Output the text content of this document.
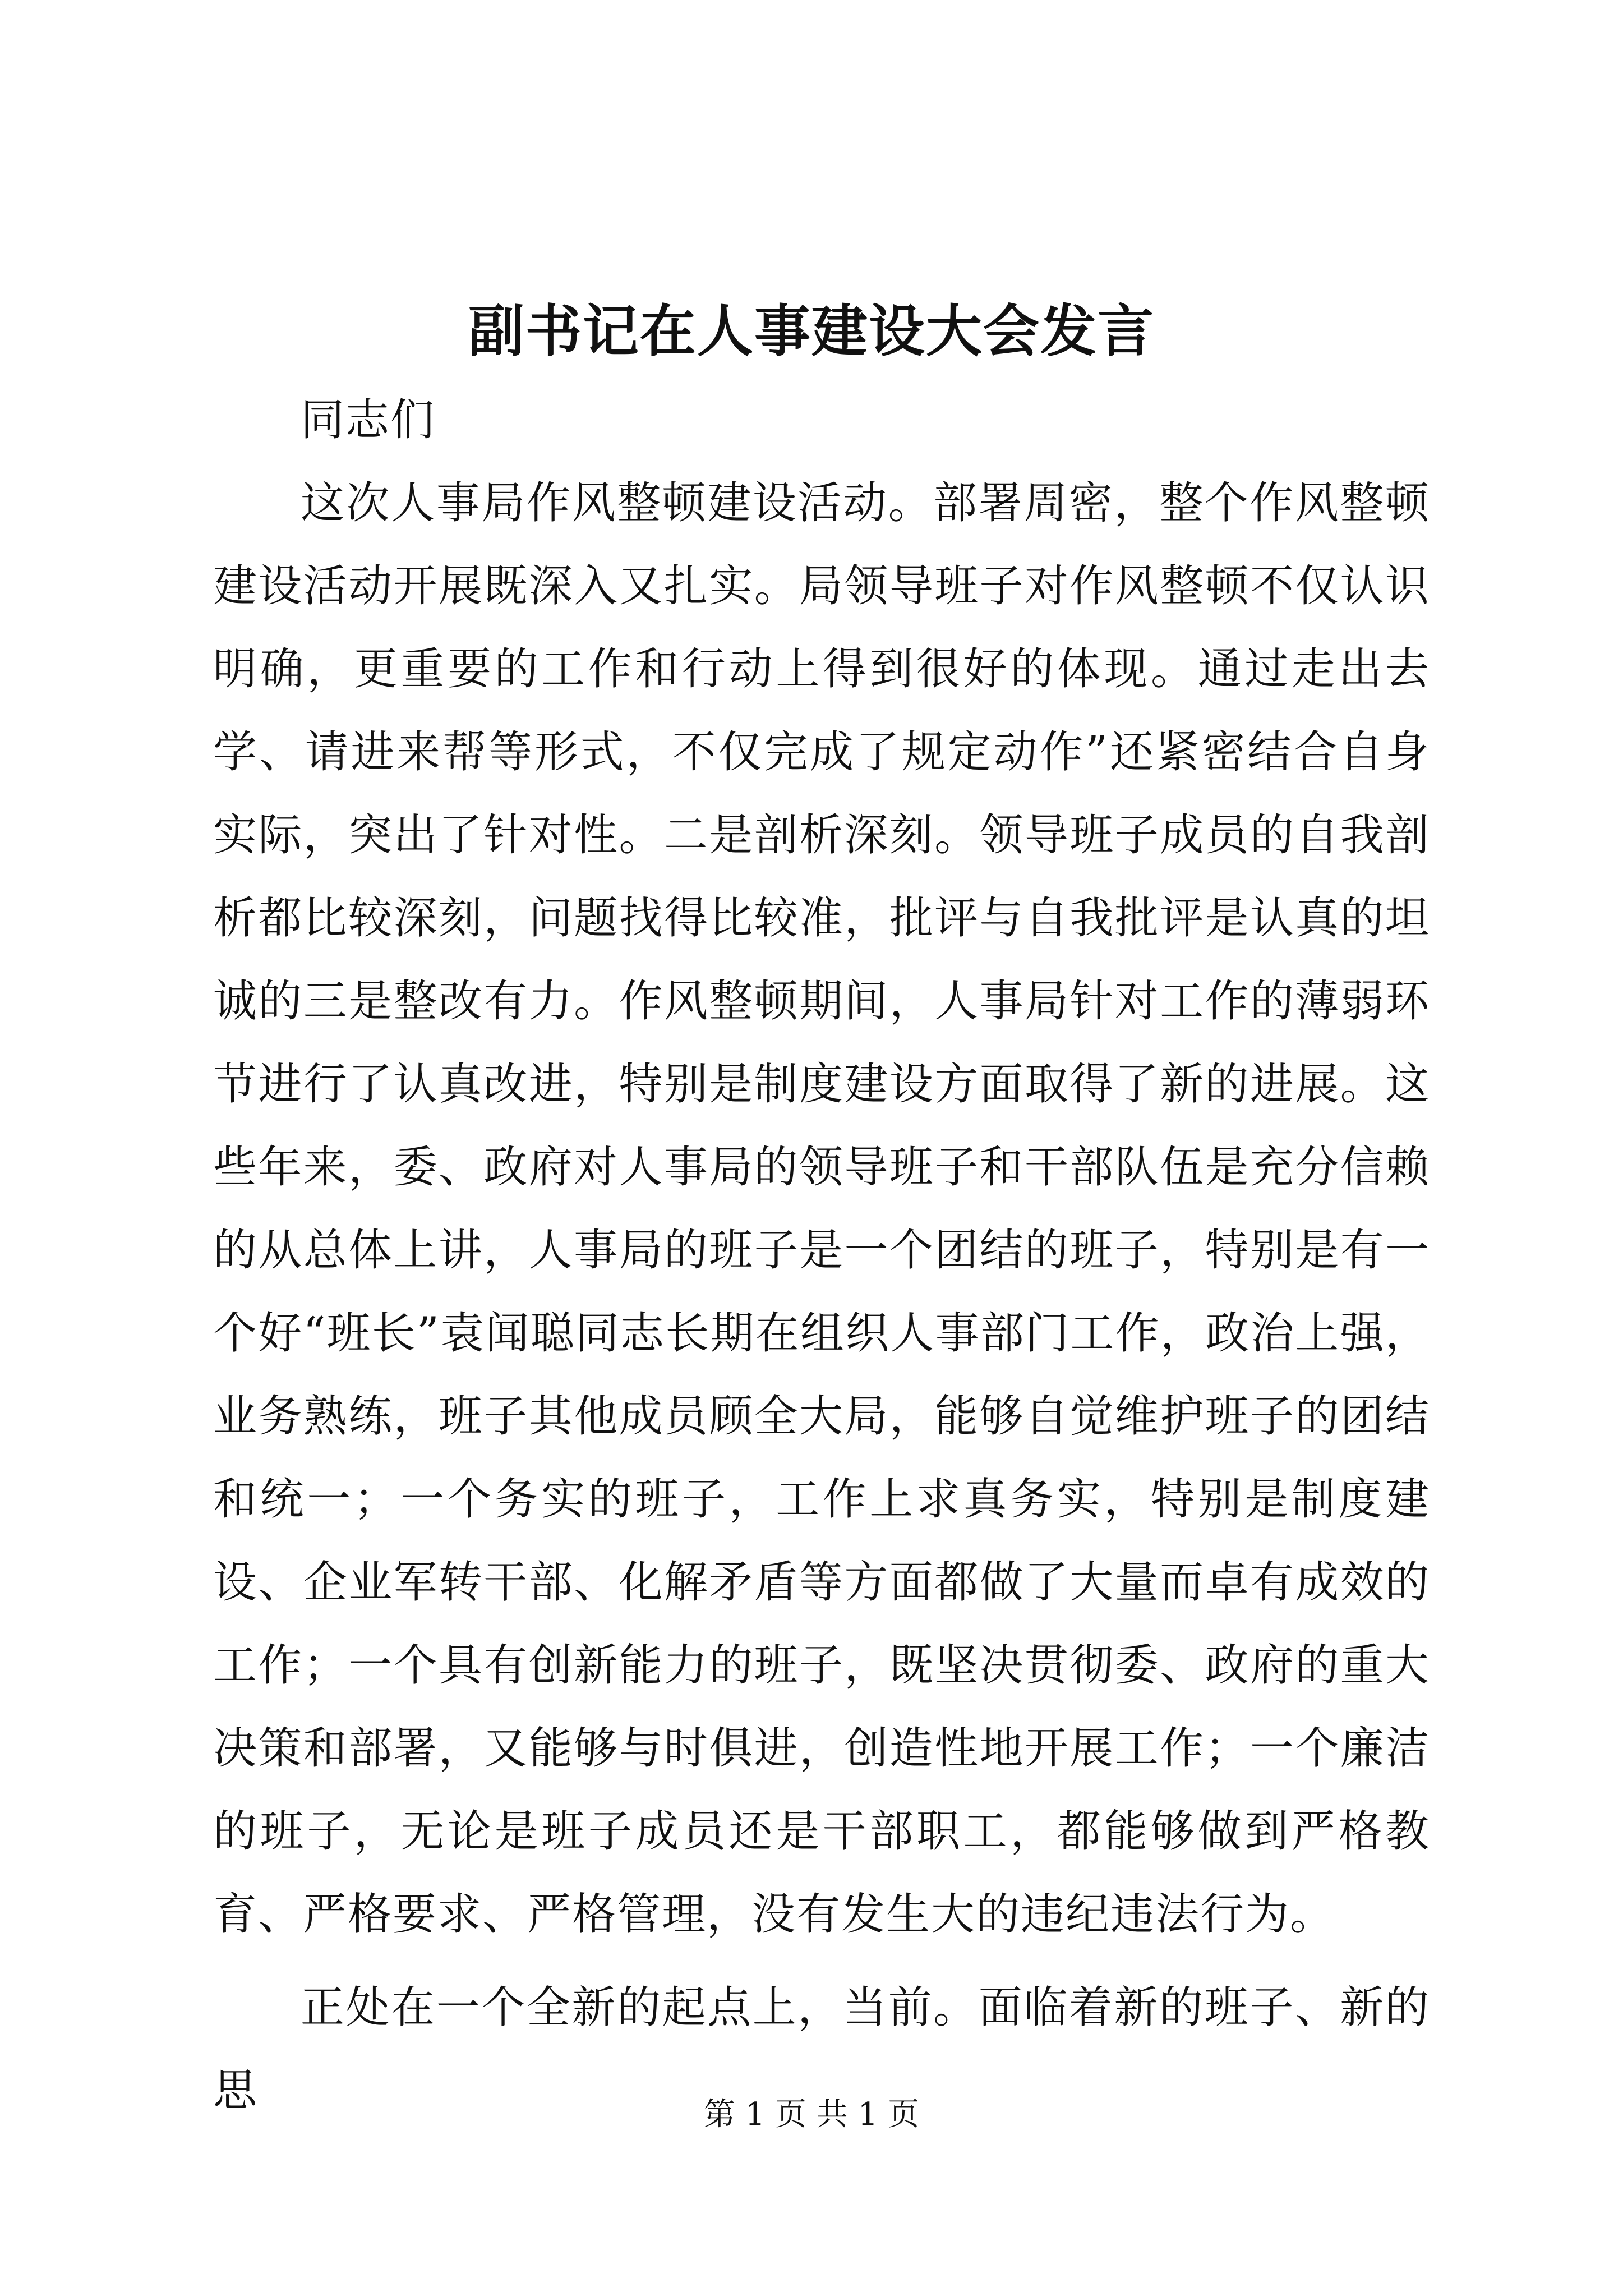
副书记在人事建设大会发言

同志们

这次人事局作风整顿建设活动。部署周密，整个作风整顿建设活动开展既深入又扎实。局领导班子对作风整顿不仅认识明确，更重要的工作和行动上得到很好的体现。通过走出去学、请进来帮等形式，不仅完成了规定动作”还紧密结合自身实际，突出了针对性。二是剖析深刻。领导班子成员的自我剖析都比较深刻，问题找得比较准，批评与自我批评是认真的坦诚的三是整改有力。作风整顿期间，人事局针对工作的薄弱环节进行了认真改进，特别是制度建设方面取得了新的进展。这些年来，委、政府对人事局的领导班子和干部队伍是充分信赖的从总体上讲，人事局的班子是一个团结的班子，特别是有一个好“班长”袁闻聪同志长期在组织人事部门工作，政治上强，业务熟练，班子其他成员顾全大局，能够自觉维护班子的团结和统一；一个务实的班子，工作上求真务实，特别是制度建设、企业军转干部、化解矛盾等方面都做了大量而卓有成效的工作；一个具有创新能力的班子，既坚决贯彻委、政府的重大决策和部署，又能够与时俱进，创造性地开展工作；一个廉洁的班子，无论是班子成员还是干部职工，都能够做到严格教育、严格要求、严格管理，没有发生大的违纪违法行为。

正处在一个全新的起点上，当前。面临着新的班子、新的思	第 1 页 共 1 页
